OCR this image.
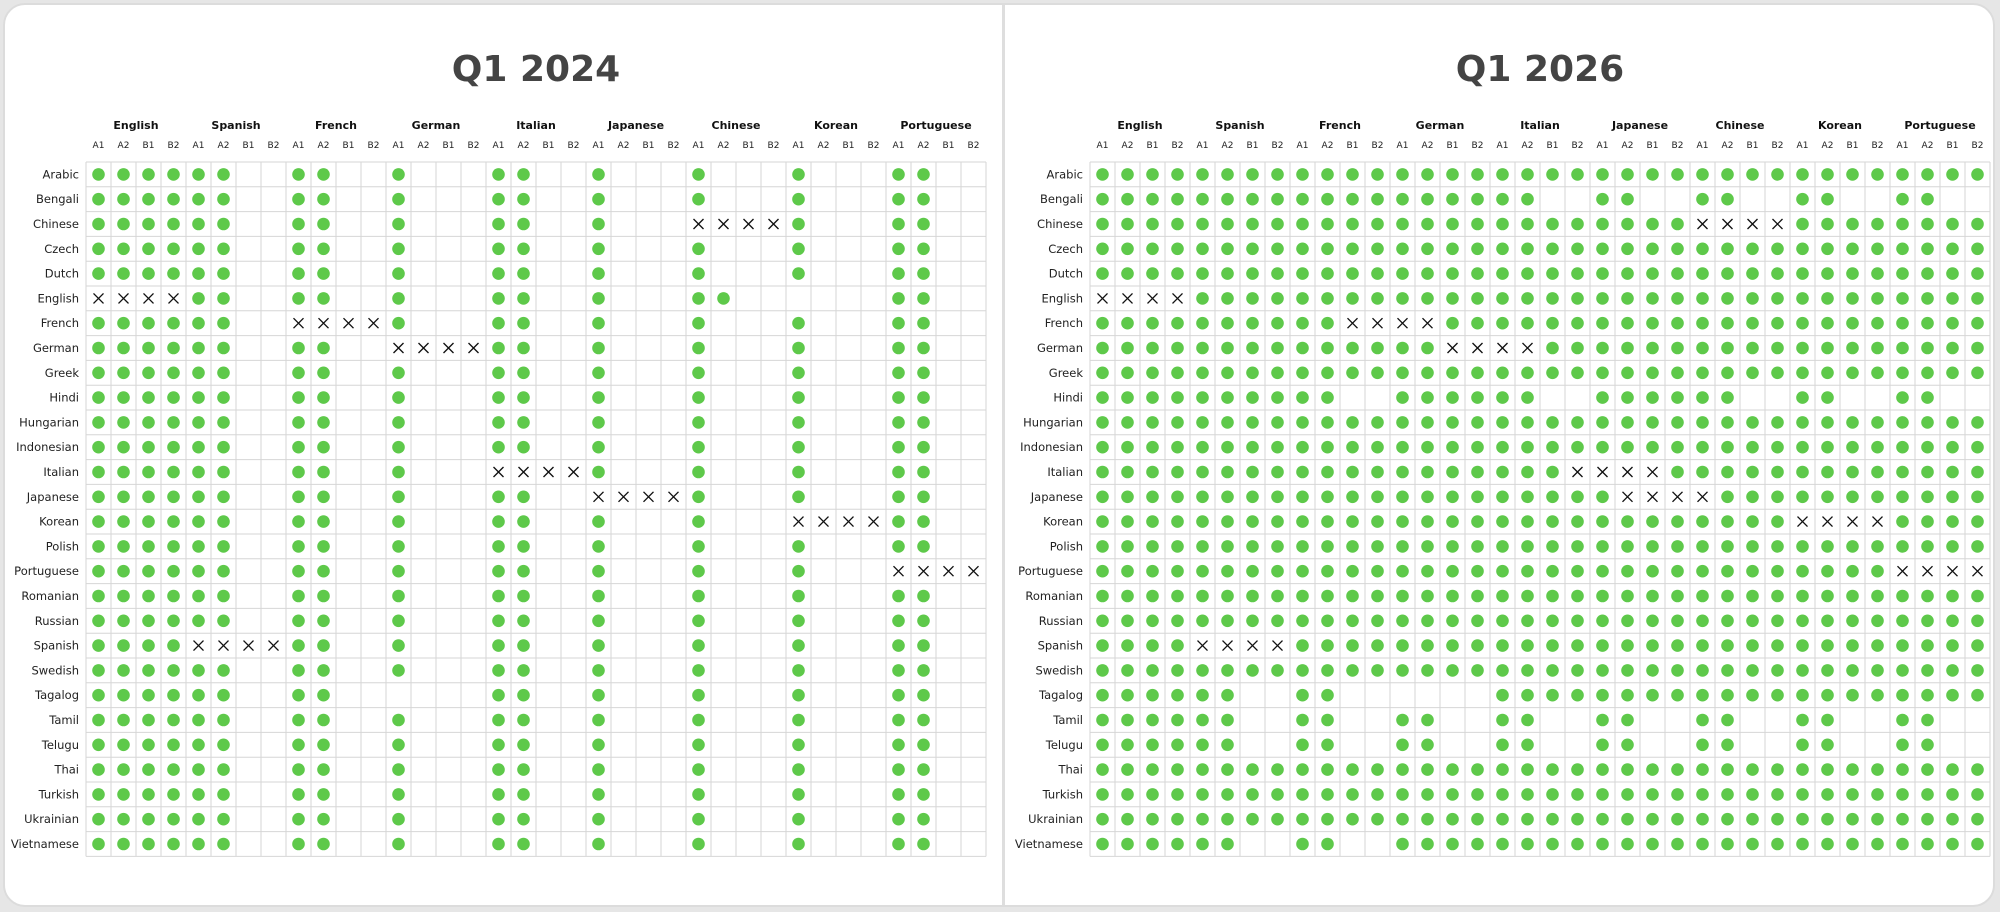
Q1 2024
English
A1 A2 B1 B2
Spanish
A1 A2 B1 B2
French
A1 A2 B1 B2
German
A1 A2 B1 B2
Italian
A1 A2 B1 B2
Japanese
A1 A2 B1 B2
Chinese
A1 A2 B1 B2
Korean
A1 A2 B1 B2
Portuguese
A1 A2 B1 B2
Arabic
Bengali
Chinese
Czech
Dutch
English
French
German
Greek
Hindi
Hungarian
Indonesian
Italian
Japanese
Korean
Polish
Portuguese
Romanian
Russian
Spanish
Swedish
Tagalog
Tamil
Telugu
Thai
Turkish
Ukrainian
Vietnamese
Q1 2026
English
A1 A2 B1 B2
Spanish
A1 A2 B1 B2
French
A1 A2 B1 B2
German
A1 A2 B1 B2
Italian
A1 A2 B1 B2
Japanese
A1 A2 B1 B2
Chinese
A1 A2 B1 B2
Korean
A1 A2 B1 B2
Portuguese
A1 A2 B1 B2
Arabic
Bengali
Chinese
Czech
Dutch
English
French
German
Greek
Hindi
Hungarian
Indonesian
Italian
Japanese
Korean
Polish
Portuguese
Romanian
Russian
Spanish
Swedish
Tagalog
Tamil
Telugu
Thai
Turkish
Ukrainian
Vietnamese
